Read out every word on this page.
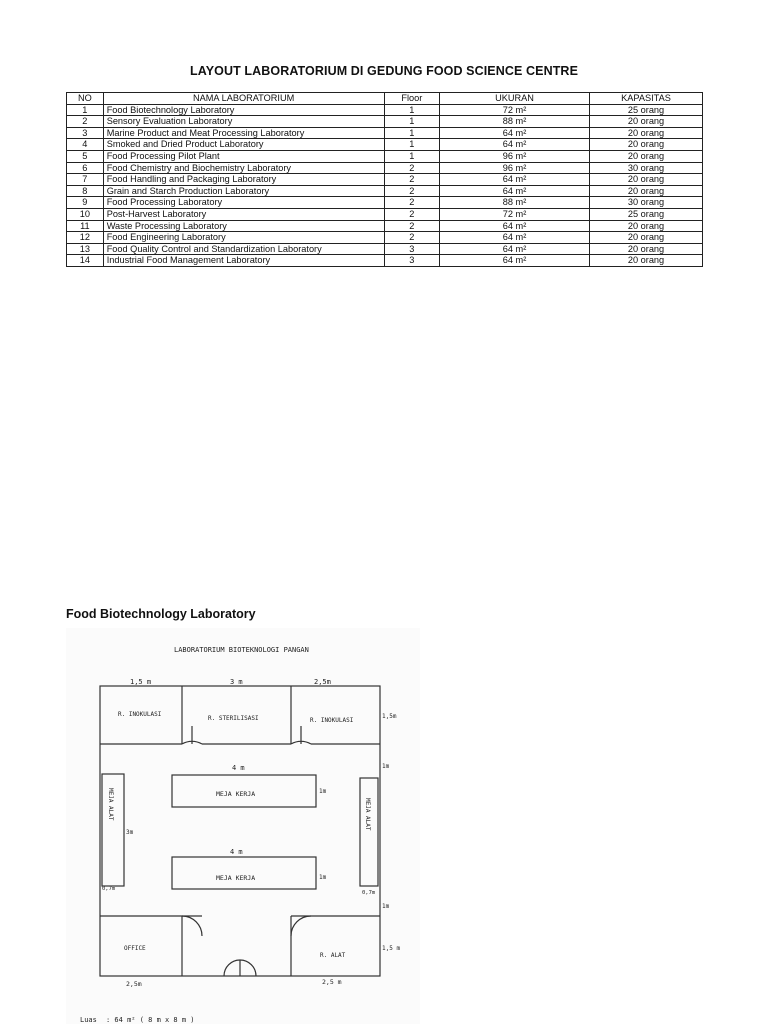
LAYOUT LABORATORIUM DI GEDUNG FOOD SCIENCE CENTRE
NO	NAMA LABORATORIUM	Floor	UKURAN	KAPASITAS
1	Food Biotechnology Laboratory	1	72 m²	25 orang
2	Sensory Evaluation Laboratory	1	88 m²	20 orang
3	Marine Product and Meat Processing Laboratory	1	64 m²	20 orang
4	Smoked and Dried Product Laboratory	1	64 m²	20 orang
5	Food Processing Pilot Plant	1	96 m²	20 orang
6	Food Chemistry and Biochemistry Laboratory	2	96 m²	30 orang
7	Food Handling and Packaging Laboratory	2	64 m²	20 orang
8	Grain and Starch Production Laboratory	2	64 m²	20 orang
9	Food Processing Laboratory	2	88 m²	30 orang
10	Post-Harvest Laboratory	2	72 m²	25 orang
11	Waste Processing Laboratory	2	64 m²	20 orang
12	Food Engineering Laboratory	2	64 m²	20 orang
13	Food Quality Control and Standardization Laboratory	3	64 m²	20 orang
14	Industrial Food Management Laboratory	3	64 m²	20 orang
Food Biotechnology Laboratory
LABORATORIUM BIOTEKNOLOGI PANGAN
1,5 m	3 m	2,5m
R. INOKULASI
R. STERILISASI	R. INOKULASI
1,5m
1m
4 m
MEJA KERJA	1m
MEJA ALAT	MEJA ALAT
3m
4 m
MEJA KERJA	1m
0,7m
0,7m
1m
OFFICE
R. ALAT
1,5 m
2,5m	2,5 m
Luas : 64 m² ( 8 m x 8 m )
